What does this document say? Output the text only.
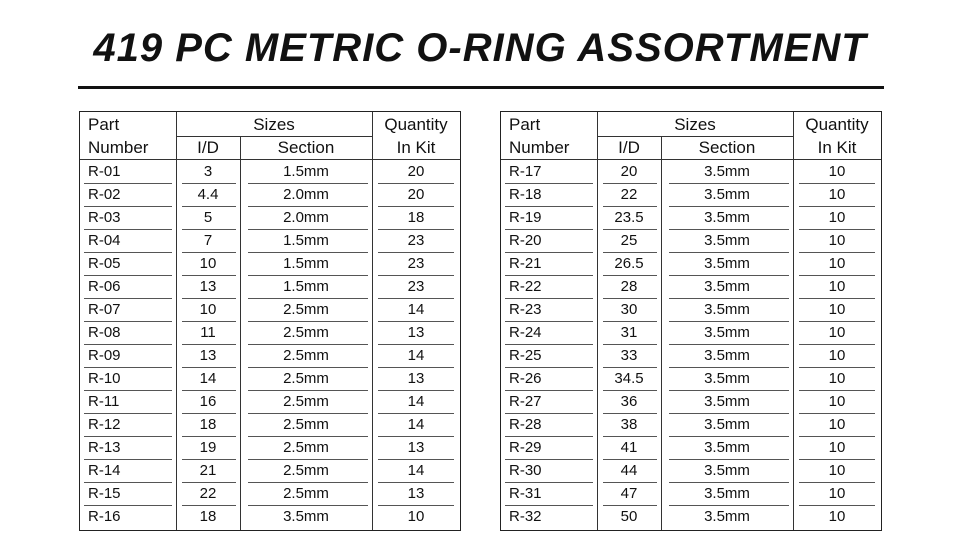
419 PC METRIC O-RING ASSORTMENT
Part
Number
Sizes
I/D	Section
Quantity
In Kit
R-01	3	1.5mm	20
R-02	4.4	2.0mm	20
R-03	5	2.0mm	18
R-04	7	1.5mm	23
R-05	10	1.5mm	23
R-06	13	1.5mm	23
R-07	10	2.5mm	14
R-08	11	2.5mm	13
R-09	13	2.5mm	14
R-10	14	2.5mm	13
R-11	16	2.5mm	14
R-12	18	2.5mm	14
R-13	19	2.5mm	13
R-14	21	2.5mm	14
R-15	22	2.5mm	13
R-16	18	3.5mm	10
Part
Number
Sizes
I/D	Section
Quantity
In Kit
R-17	20	3.5mm	10
R-18	22	3.5mm	10
R-19	23.5	3.5mm	10
R-20	25	3.5mm	10
R-21	26.5	3.5mm	10
R-22	28	3.5mm	10
R-23	30	3.5mm	10
R-24	31	3.5mm	10
R-25	33	3.5mm	10
R-26	34.5	3.5mm	10
R-27	36	3.5mm	10
R-28	38	3.5mm	10
R-29	41	3.5mm	10
R-30	44	3.5mm	10
R-31	47	3.5mm	10
R-32	50	3.5mm	10
